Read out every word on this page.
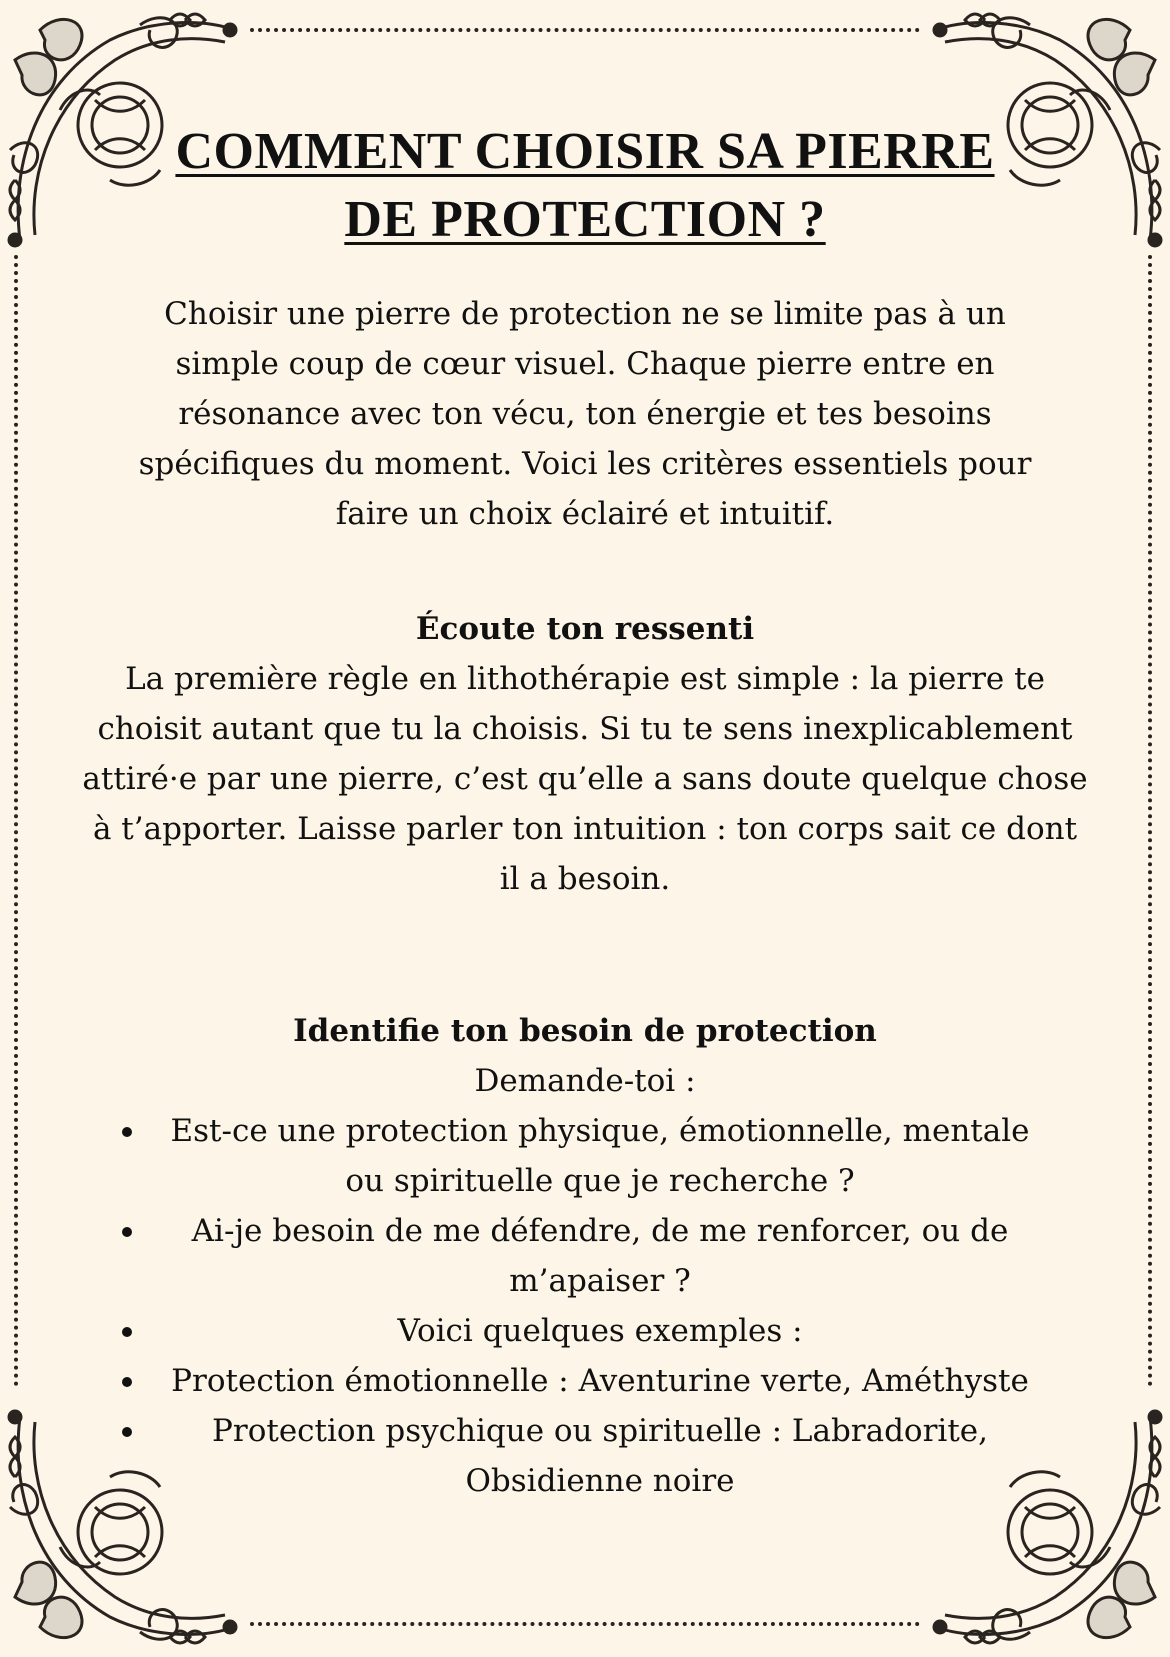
COMMENT CHOISIR SA PIERRE DE PROTECTION ?

Choisir une pierre de protection ne se limite pas à un simple coup de cœur visuel. Chaque pierre entre en résonance avec ton vécu, ton énergie et tes besoins spécifiques du moment. Voici les critères essentiels pour faire un choix éclairé et intuitif.

Écoute ton ressenti

La première règle en lithothérapie est simple : la pierre te choisit autant que tu la choisis. Si tu te sens inexplicablement attiré·e par une pierre, c’est qu’elle a sans doute quelque chose à t’apporter. Laisse parler ton intuition : ton corps sait ce dont il a besoin.

Identifie ton besoin de protection

Demande-toi :

Est-ce une protection physique, émotionnelle, mentale ou spirituelle que je recherche ?
Ai-je besoin de me défendre, de me renforcer, ou de m’apaiser ?
Voici quelques exemples :
Protection émotionnelle : Aventurine verte, Améthyste
Protection psychique ou spirituelle : Labradorite, Obsidienne noire
